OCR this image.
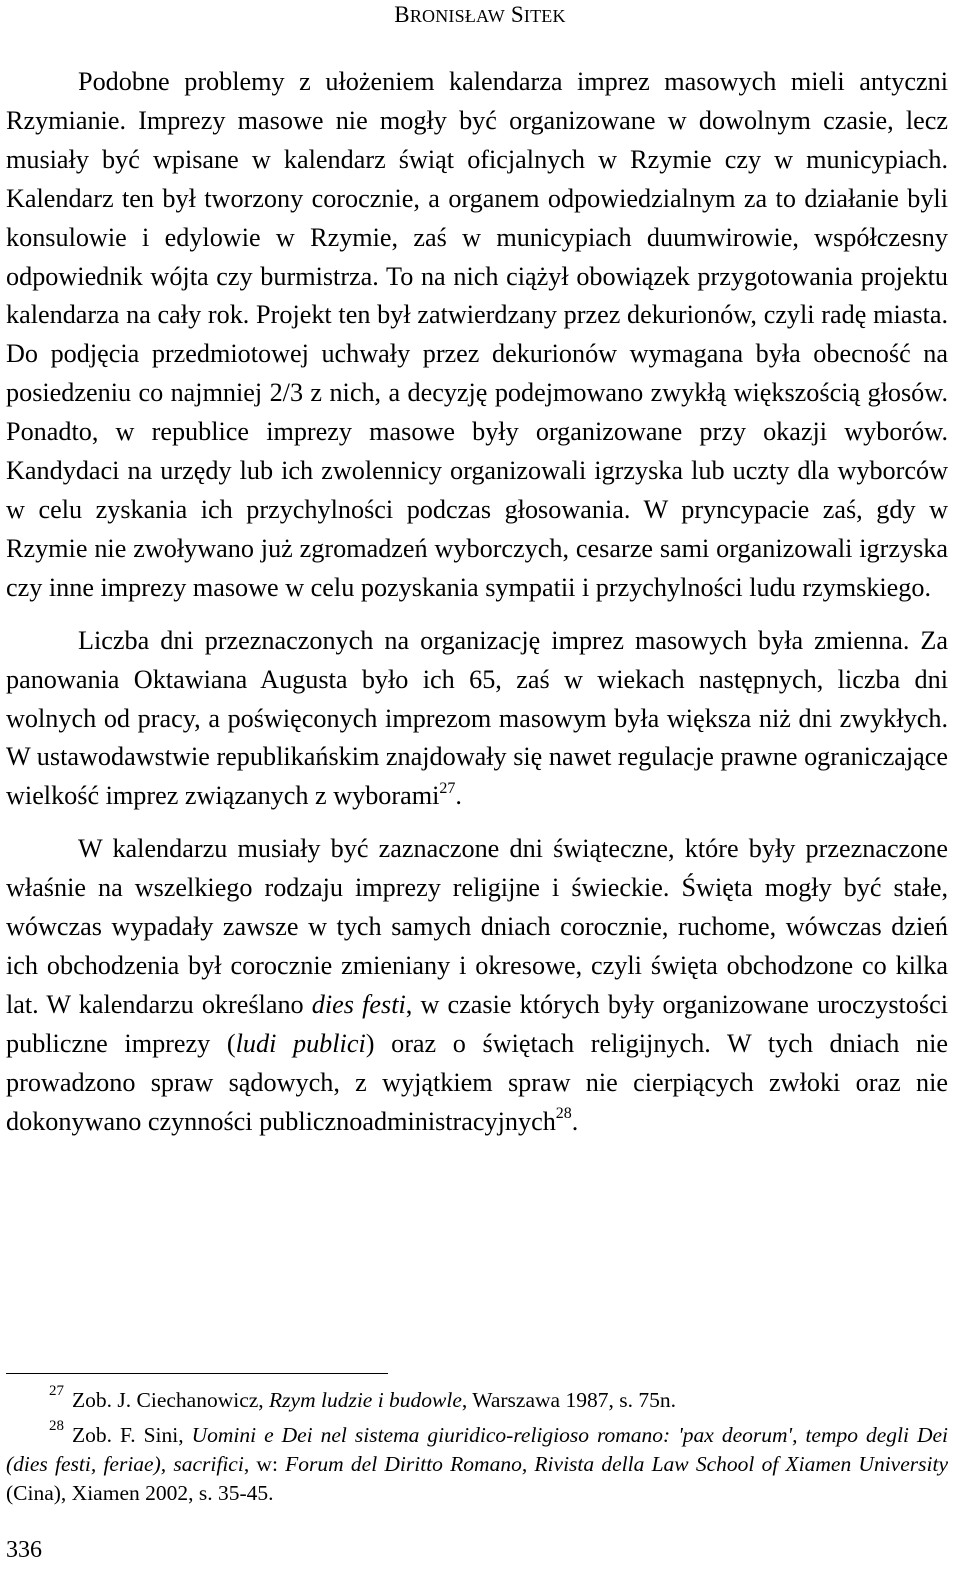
BRONISŁAW SITEK

Podobne problemy z ułożeniem kalendarza imprez masowych mieli antyczni Rzymianie. Imprezy masowe nie mogły być organizowane w dowolnym czasie, lecz musiały być wpisane w kalendarz świąt oficjalnych w Rzymie czy w municypiach. Kalendarz ten był tworzony corocznie, a organem odpowiedzialnym za to działanie byli konsulowie i edylowie w Rzymie, zaś w municypiach duumwirowie, współczesny odpowiednik wójta czy burmistrza. To na nich ciążył obowiązek przygotowania projektu kalendarza na cały rok. Projekt ten był zatwierdzany przez dekurionów, czyli radę miasta. Do podjęcia przedmiotowej uchwały przez dekurionów wymagana była obecność na posiedzeniu co najmniej 2/3 z nich, a decyzję podejmowano zwykłą większością głosów. Ponadto, w republice imprezy masowe były organizowane przy okazji wyborów. Kandydaci na urzędy lub ich zwolennicy organizowali igrzyska lub uczty dla wyborców w celu zyskania ich przychylności podczas głosowania. W pryncypacie zaś, gdy w Rzymie nie zwoływano już zgromadzeń wyborczych, cesarze sami organizowali igrzyska czy inne imprezy masowe w celu pozyskania sympatii i przychylności ludu rzymskiego.

Liczba dni przeznaczonych na organizację imprez masowych była zmienna. Za panowania Oktawiana Augusta było ich 65, zaś w wiekach następnych, liczba dni wolnych od pracy, a poświęconych imprezom masowym była większa niż dni zwykłych. W ustawodawstwie republikańskim znajdowały się nawet regulacje prawne ograniczające wielkość imprez związanych z wyborami$^{27}$.

W kalendarzu musiały być zaznaczone dni świąteczne, które były przeznaczone właśnie na wszelkiego rodzaju imprezy religijne i świeckie. Święta mogły być stałe, wówczas wypadały zawsze w tych samych dniach corocznie, ruchome, wówczas dzień ich obchodzenia był corocznie zmieniany i okresowe, czyli święta obchodzone co kilka lat. W kalendarzu określano dies festi, w czasie których były organizowane uroczystości publiczne imprezy (ludi publici) oraz o świętach religijnych. W tych dniach nie prowadzono spraw sądowych, z wyjątkiem spraw nie cierpiących zwłoki oraz nie dokonywano czynności publicznoadministracyjnych$^{28}$.

$^{27}$ Zob. J. Ciechanowicz, Rzym ludzie i budowle, Warszawa 1987, s. 75n.
$^{28}$ Zob. F. Sini, Uomini e Dei nel sistema giuridico-religioso romano: 'pax deorum', tempo degli Dei (dies festi, feriae), sacrifici, w: Forum del Diritto Romano, Rivista della Law School of Xiamen University (Cina), Xiamen 2002, s. 35-45.
336
